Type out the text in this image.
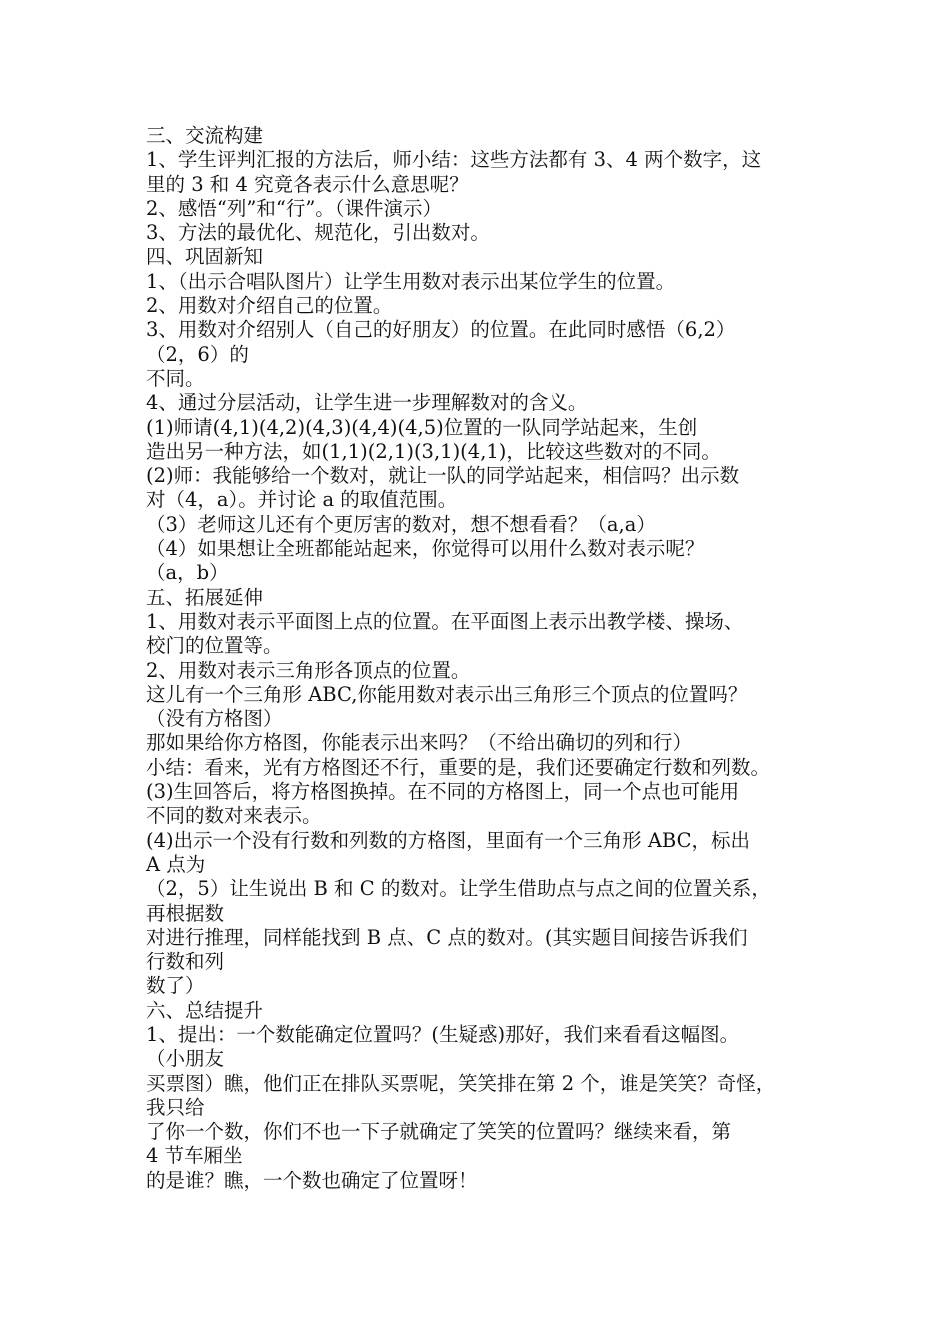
三、交流构建

1、学生评判汇报的方法后，师小结：这些方法都有 3、4 两个数字，这

里的 3 和 4 究竟各表示什么意思呢？

2、感悟“列”和“行”。（课件演示）

3、方法的最优化、规范化，引出数对。

四、巩固新知

1、（出示合唱队图片）让学生用数对表示出某位学生的位置。

2、用数对介绍自己的位置。

3、用数对介绍别人（自己的好朋友）的位置。在此同时感悟（6,2）

（2，6）的

不同。

4、通过分层活动，让学生进一步理解数对的含义。

(1)师请(4,1)(4,2)(4,3)(4,4)(4,5)位置的一队同学站起来，生创

造出另一种方法，如(1,1)(2,1)(3,1)(4,1)，比较这些数对的不同。

(2)师：我能够给一个数对，就让一队的同学站起来，相信吗？出示数

对（4，a）。并讨论 a 的取值范围。

（3）老师这儿还有个更厉害的数对，想不想看看？（a,a）

（4）如果想让全班都能站起来，你觉得可以用什么数对表示呢？

（a，b）

五、拓展延伸

1、用数对表示平面图上点的位置。在平面图上表示出教学楼、操场、

校门的位置等。

2、用数对表示三角形各顶点的位置。

这儿有一个三角形 ABC,你能用数对表示出三角形三个顶点的位置吗？

（没有方格图）

那如果给你方格图，你能表示出来吗？（不给出确切的列和行）

小结：看来，光有方格图还不行，重要的是，我们还要确定行数和列数。

(3)生回答后，将方格图换掉。在不同的方格图上，同一个点也可能用

不同的数对来表示。

(4)出示一个没有行数和列数的方格图，里面有一个三角形 ABC，标出

A 点为

（2，5）让生说出 B 和 C 的数对。让学生借助点与点之间的位置关系，

再根据数

对进行推理，同样能找到 B 点、C 点的数对。(其实题目间接告诉我们

行数和列

数了）

六、总结提升

1、提出：一个数能确定位置吗？(生疑惑)那好，我们来看看这幅图。

（小朋友

买票图）瞧，他们正在排队买票呢，笑笑排在第 2 个，谁是笑笑？奇怪，

我只给

了你一个数，你们不也一下子就确定了笑笑的位置吗？继续来看，第

4 节车厢坐

的是谁？瞧，一个数也确定了位置呀！
